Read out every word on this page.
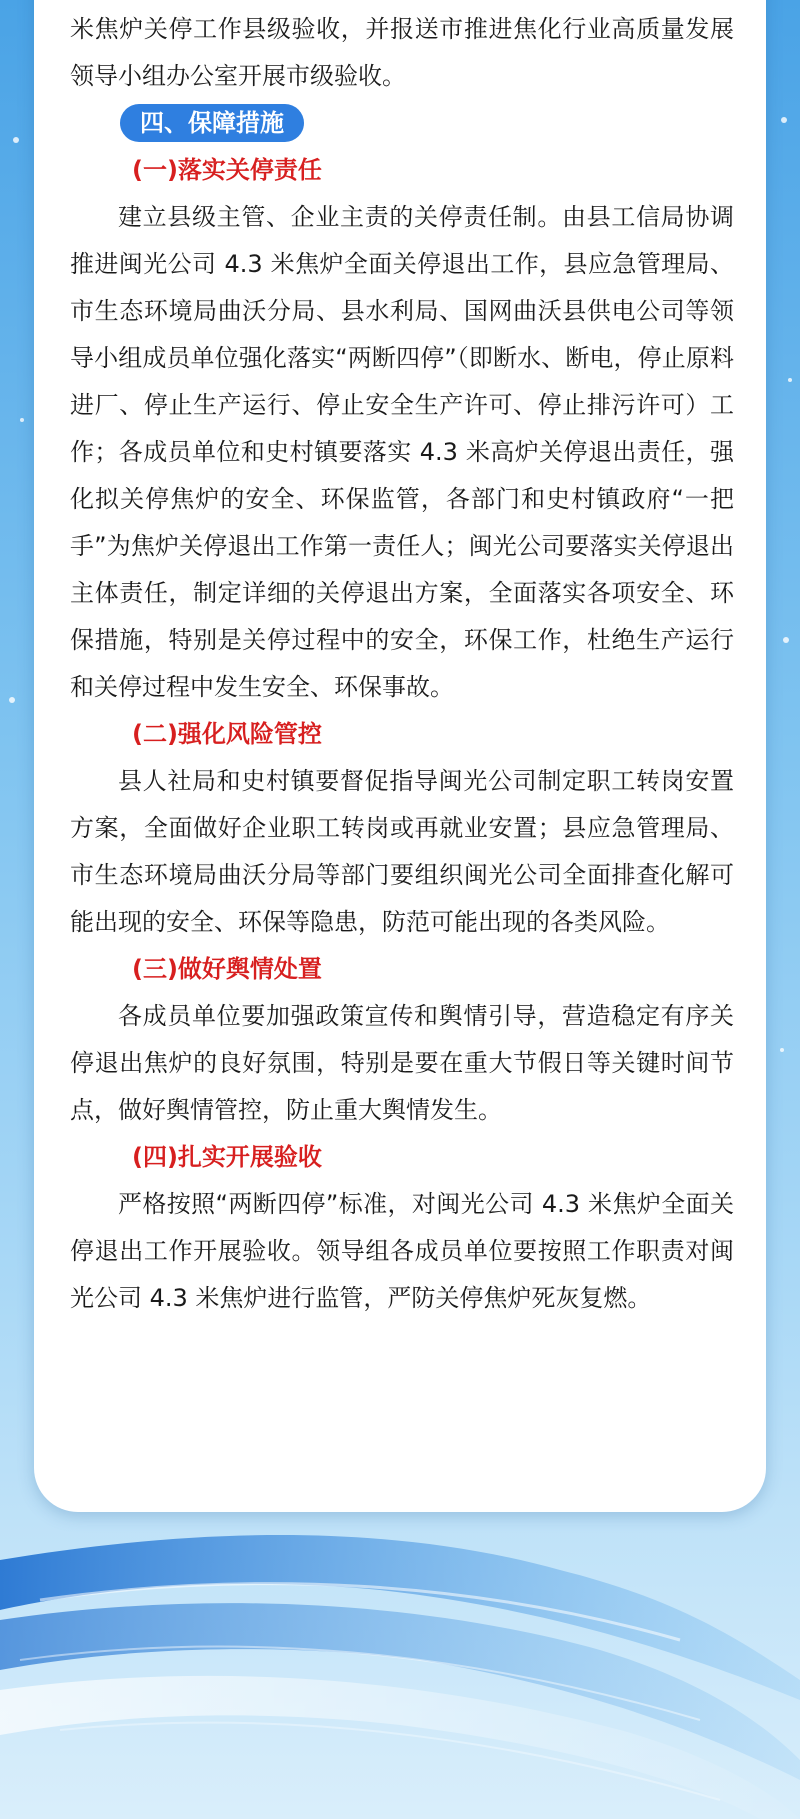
米焦炉关停工作县级验收，并报送市推进焦化行业高质量发展领导小组办公室开展市级验收。

四、保障措施

(一)落实关停责任

建立县级主管、企业主责的关停责任制。由县工信局协调推进闽光公司 4.3 米焦炉全面关停退出工作，县应急管理局、市生态环境局曲沃分局、县水利局、国网曲沃县供电公司等领导小组成员单位强化落实“两断四停”（即断水、断电，停止原料进厂、停止生产运行、停止安全生产许可、停止排污许可）工作；各成员单位和史村镇要落实 4.3 米高炉关停退出责任，强化拟关停焦炉的安全、环保监管，各部门和史村镇政府“一把手”为焦炉关停退出工作第一责任人；闽光公司要落实关停退出主体责任，制定详细的关停退出方案，全面落实各项安全、环保措施，特别是关停过程中的安全，环保工作，杜绝生产运行和关停过程中发生安全、环保事故。

(二)强化风险管控

县人社局和史村镇要督促指导闽光公司制定职工转岗安置方案，全面做好企业职工转岗或再就业安置；县应急管理局、市生态环境局曲沃分局等部门要组织闽光公司全面排查化解可能出现的安全、环保等隐患，防范可能出现的各类风险。

(三)做好舆情处置

各成员单位要加强政策宣传和舆情引导，营造稳定有序关停退出焦炉的良好氛围，特别是要在重大节假日等关键时间节点，做好舆情管控，防止重大舆情发生。

(四)扎实开展验收

严格按照“两断四停”标准，对闽光公司 4.3 米焦炉全面关停退出工作开展验收。领导组各成员单位要按照工作职责对闽光公司 4.3 米焦炉进行监管，严防关停焦炉死灰复燃。
